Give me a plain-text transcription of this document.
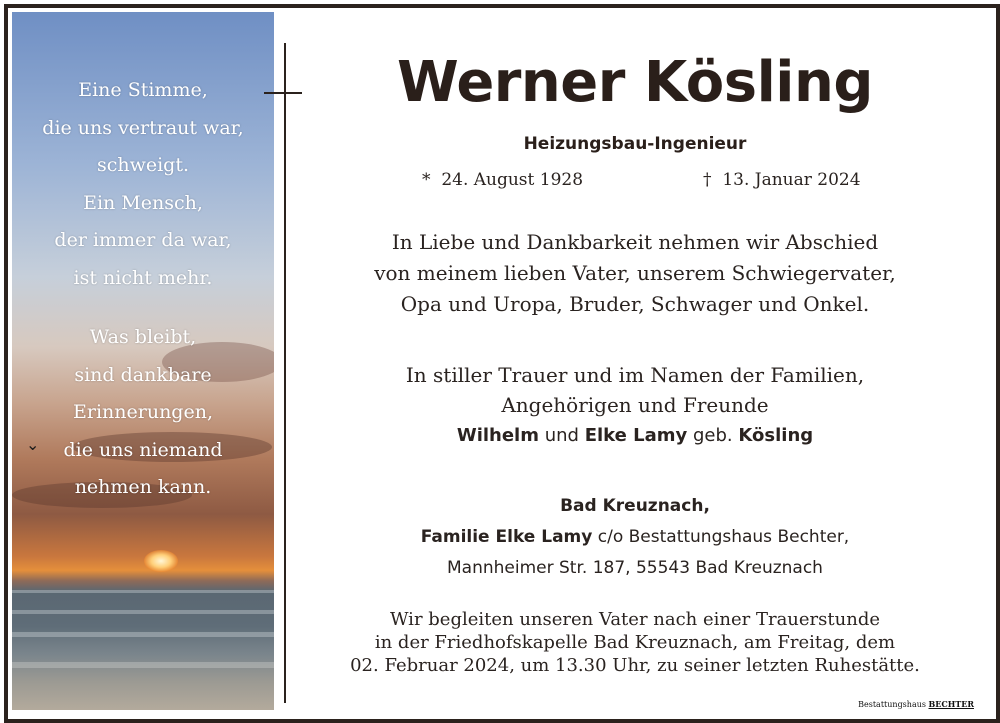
⌄
Eine Stimme,
die uns vertraut war,
schweigt.
Ein Mensch,
der immer da war,
ist nicht mehr.
Was bleibt,
sind dankbare
Erinnerungen,
die uns niemand
nehmen kann.
Werner Kösling
Heizungsbau-Ingenieur
* 24. August 1928	† 13. Januar 2024
In Liebe und Dankbarkeit nehmen wir Abschied
von meinem lieben Vater, unserem Schwiegervater,
Opa und Uropa, Bruder, Schwager und Onkel.
In stiller Trauer und im Namen der Familien,
Angehörigen und Freunde
Wilhelm und Elke Lamy geb. Kösling
Bad Kreuznach,
Familie Elke Lamy c/o Bestattungshaus Bechter,
Mannheimer Str. 187, 55543 Bad Kreuznach
Wir begleiten unseren Vater nach einer Trauerstunde
in der Friedhofskapelle Bad Kreuznach, am Freitag, dem
02. Februar 2024, um 13.30 Uhr, zu seiner letzten Ruhestätte.
Bestattungshaus BECHTER
